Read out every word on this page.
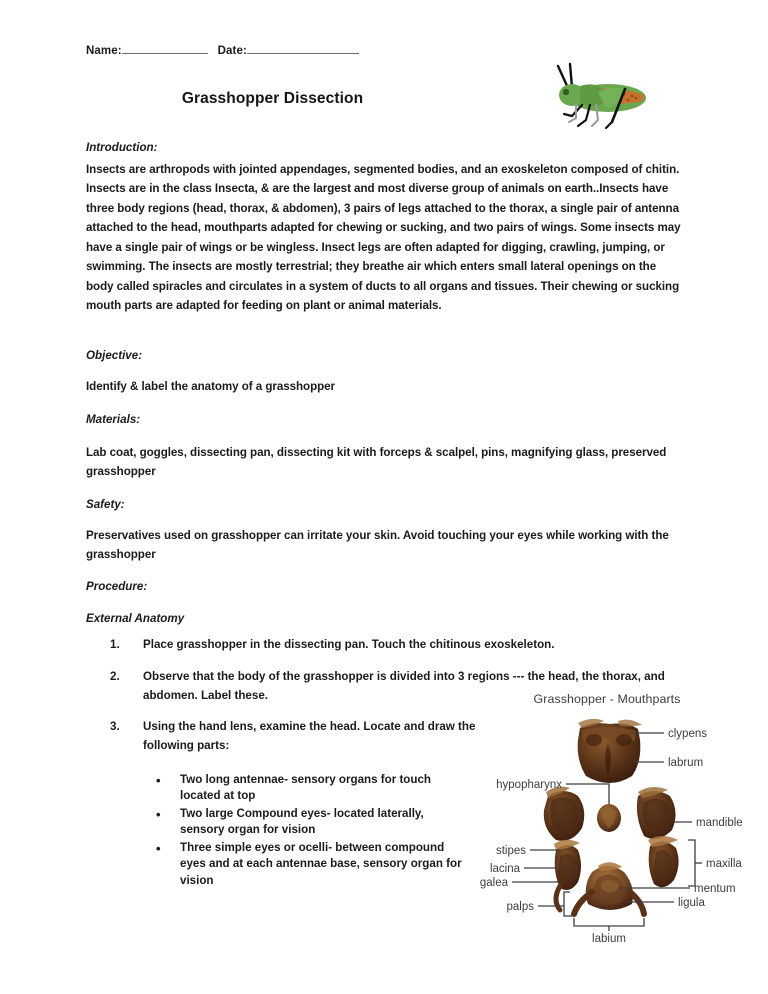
Name:	Date:
Grasshopper Dissection

Introduction:

Insects are arthropods with jointed appendages, segmented bodies, and an exoskeleton composed of chitin. Insects are in the class Insecta, & are the largest and most diverse group of animals on earth..Insects have three body regions (head, thorax, & abdomen), 3 pairs of legs attached to the thorax, a single pair of antenna attached to the head, mouthparts adapted for chewing or sucking, and two pairs of wings. Some insects may have a single pair of wings or be wingless. Insect legs are often adapted for digging, crawling, jumping, or swimming. The insects are mostly terrestrial; they breathe air which enters small lateral openings on the body called spiracles and circulates in a system of ducts to all organs and tissues. Their chewing or sucking mouth parts are adapted for feeding on plant or animal materials.

Objective:

Identify & label the anatomy of a grasshopper

Materials:

Lab coat, goggles, dissecting pan, dissecting kit with forceps & scalpel, pins, magnifying glass, preserved grasshopper

Safety:

Preservatives used on grasshopper can irritate your skin. Avoid touching your eyes while working with the grasshopper

Procedure:

External Anatomy

1.	Place grasshopper in the dissecting pan. Touch the chitinous exoskeleton.
2.	Observe that the body of the grasshopper is divided into 3 regions --- the head, the thorax, and abdomen. Label these.
3.	Using the hand lens, examine the head. Locate and draw the following parts:
• Two long antennae- sensory organs for touch located at top
• Two large Compound eyes- located laterally, sensory organ for vision
• Three simple eyes or ocelli- between compound eyes and at each antennae base, sensory organ for vision
Grasshopper - Mouthparts
clypens
labrum
mandible
hypopharynx
maxilla
stipes
lacina
galea
palps
mentum
ligula
labium
